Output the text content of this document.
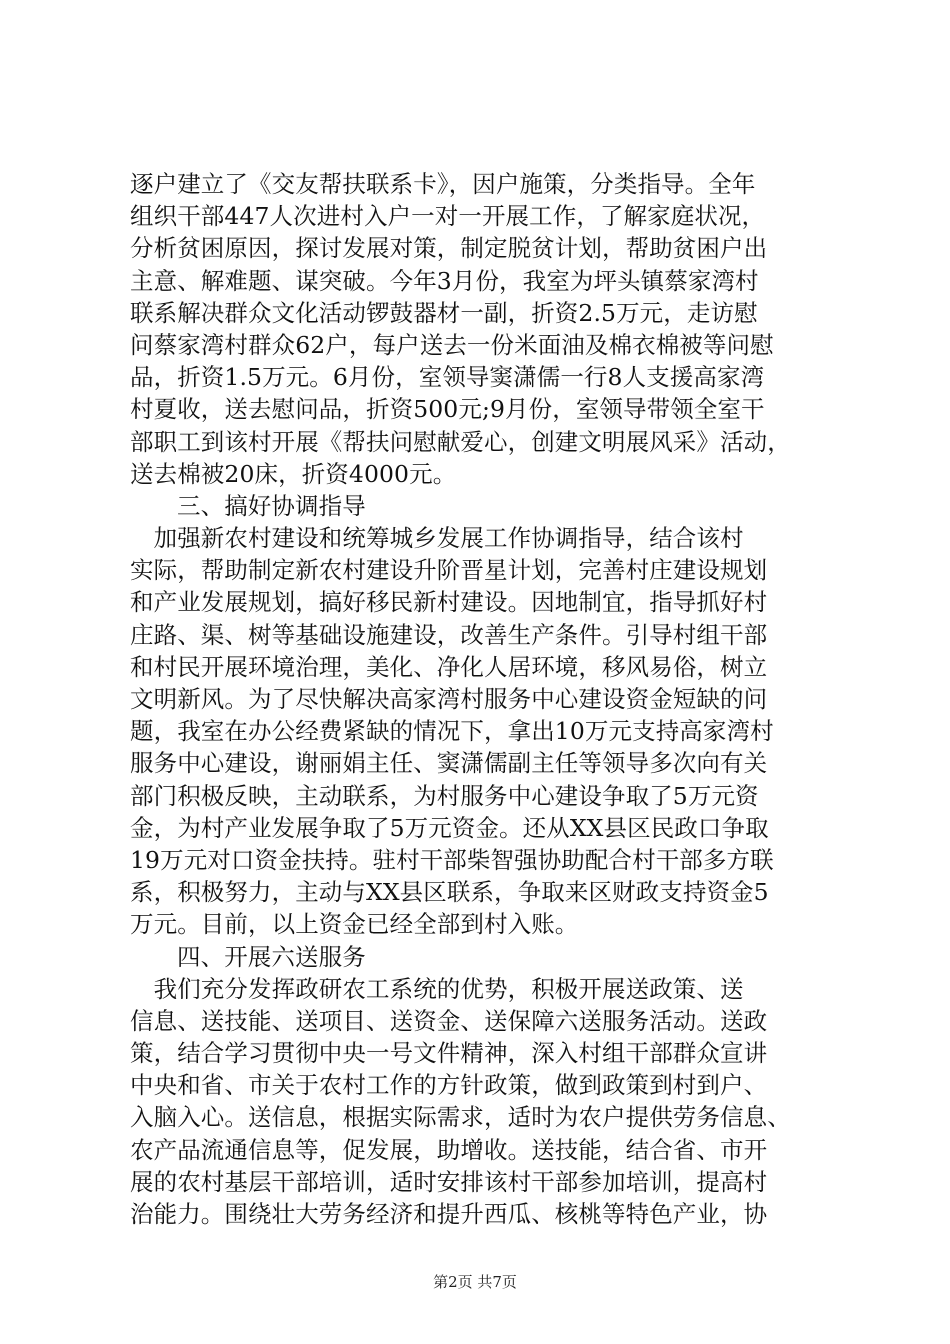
逐户建立了《交友帮扶联系卡》，因户施策，分类指导。全年
组织干部447人次进村入户一对一开展工作，了解家庭状况，
分析贫困原因，探讨发展对策，制定脱贫计划，帮助贫困户出
主意、解难题、谋突破。今年3月份，我室为坪头镇蔡家湾村
联系解决群众文化活动锣鼓器材一副，折资2.5万元，走访慰
问蔡家湾村群众62户，每户送去一份米面油及棉衣棉被等问慰
品，折资1.5万元。6月份，室领导窦潇儒一行8人支援高家湾
村夏收，送去慰问品，折资500元;9月份，室领导带领全室干
部职工到该村开展《帮扶问慰献爱心，创建文明展风采》活动，
送去棉被20床，折资4000元。
三、搞好协调指导
　加强新农村建设和统筹城乡发展工作协调指导，结合该村
实际，帮助制定新农村建设升阶晋星计划，完善村庄建设规划
和产业发展规划，搞好移民新村建设。因地制宜，指导抓好村
庄路、渠、树等基础设施建设，改善生产条件。引导村组干部
和村民开展环境治理，美化、净化人居环境，移风易俗，树立
文明新风。为了尽快解决高家湾村服务中心建设资金短缺的问
题，我室在办公经费紧缺的情况下，拿出10万元支持高家湾村
服务中心建设，谢丽娟主任、窦潇儒副主任等领导多次向有关
部门积极反映，主动联系，为村服务中心建设争取了5万元资
金，为村产业发展争取了5万元资金。还从XX县区民政口争取
19万元对口资金扶持。驻村干部柴智强协助配合村干部多方联
系，积极努力，主动与XX县区联系，争取来区财政支持资金5
万元。目前，以上资金已经全部到村入账。
四、开展六送服务
　我们充分发挥政研农工系统的优势，积极开展送政策、送
信息、送技能、送项目、送资金、送保障六送服务活动。送政
策，结合学习贯彻中央一号文件精神，深入村组干部群众宣讲
中央和省、市关于农村工作的方针政策，做到政策到村到户、
入脑入心。送信息，根据实际需求，适时为农户提供劳务信息、
农产品流通信息等，促发展，助增收。送技能，结合省、市开
展的农村基层干部培训，适时安排该村干部参加培训，提高村
治能力。围绕壮大劳务经济和提升西瓜、核桃等特色产业，协
第2页 共7页
